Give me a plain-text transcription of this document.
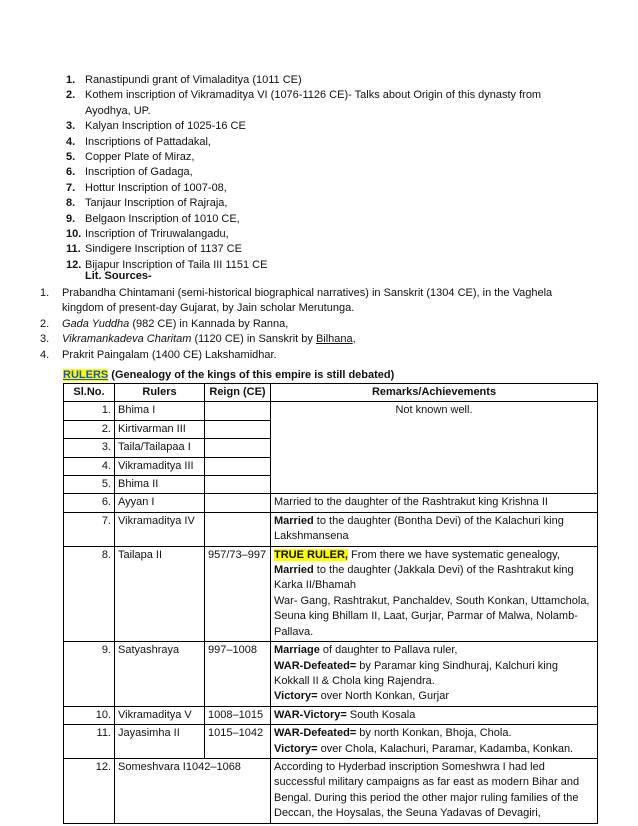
1. Ranastipundi grant of Vimaladitya (1011 CE)
2. Kothem inscription of Vikramaditya VI (1076-1126 CE)- Talks about Origin of this dynasty from Ayodhya, UP.
3. Kalyan Inscription of 1025-16 CE
4. Inscriptions of Pattadakal,
5. Copper Plate of Miraz,
6. Inscription of Gadaga,
7. Hottur Inscription of 1007-08,
8. Tanjaur Inscription of Rajraja,
9. Belgaon Inscription of 1010 CE,
10. Inscription of Triruwalangadu,
11. Sindigere Inscription of 1137 CE
12. Bijapur Inscription of Taila III 1151 CE
Lit. Sources-
1.	Prabandha Chintamani (semi-historical biographical narratives) in Sanskrit (1304 CE), in the Vaghela kingdom of present-day Gujarat, by Jain scholar Merutunga.
2.	Gada Yuddha (982 CE) in Kannada by Ranna,
3.	Vikramankadeva Charitam (1120 CE) in Sanskrit by Bilhana,
4.	Prakrit Paingalam (1400 CE) Lakshamidhar.
RULERS (Genealogy of the kings of this empire is still debated)
Sl.No.	Rulers	Reign (CE)	Remarks/Achievements
1.	Bhima I		Not known well.
2.	Kirtivarman III		
3.	Taila/Tailapaa I		
4.	Vikramaditya III		
5.	Bhima II		
6.	Ayyan I		Married to the daughter of the Rashtrakut king Krishna II
7.	Vikramaditya IV		Married to the daughter (Bontha Devi) of the Kalachuri king Lakshmansena
8.	Tailapa II	957/73–997	TRUE RULER, From there we have systematic genealogy,
Married to the daughter (Jakkala Devi) of the Rashtrakut king Karka II/Bhamah
War- Gang, Rashtrakut, Panchaldev, South Konkan, Uttamchola, Seuna king Bhillam II, Laat, Gurjar, Parmar of Malwa, Nolamb-Pallava.

9.	Satyashraya	997–1008	Marriage of daughter to Pallava ruler,
WAR-Defeated= by Paramar king Sindhuraj, Kalchuri king Kokkall II & Chola king Rajendra.
Victory= over North Konkan, Gurjar

10.	Vikramaditya V	1008–1015	WAR-Victory= South Kosala
11.	Jayasimha II	1015–1042	WAR-Defeated= by north Konkan, Bhoja, Chola.
Victory= over Chola, Kalachuri, Paramar, Kadamba, Konkan.

12.	Someshvara I1042–1068		According to Hyderbad inscription Someshwra I had led successful military campaigns as far east as modern Bihar and Bengal. During this period the other major ruling families of the Deccan, the Hoysalas, the Seuna Yadavas of Devagiri,
